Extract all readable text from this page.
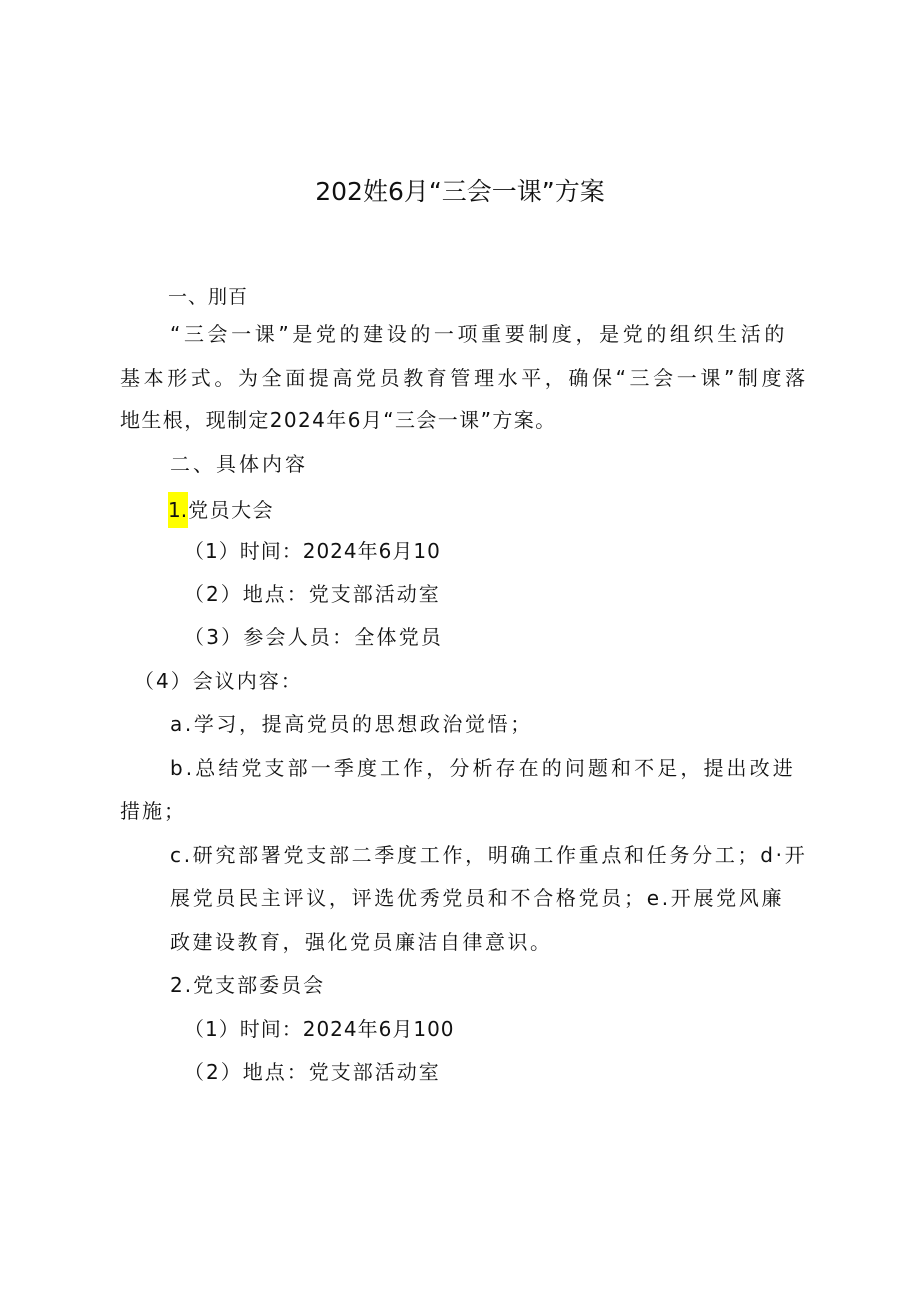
202姓6月“三会一课”方案
一、刖百
“三会一课”是党的建设的一项重要制度，是党的组织生活的
基本形式。为全面提高党员教育管理水平，确保“三会一课”制度落
地生根，现制定2024年6月“三会一课”方案。
二、具体内容
1.党员大会
（1）时间：2024年6月10
（2）地点：党支部活动室
（3）参会人员：全体党员
（4）会议内容：
a.学习，提高党员的思想政治觉悟；
b.总结党支部一季度工作，分析存在的问题和不足，提出改进
措施；
c.研究部署党支部二季度工作，明确工作重点和任务分工；d·开
展党员民主评议，评选优秀党员和不合格党员；e.开展党风廉
政建设教育，强化党员廉洁自律意识。
2.党支部委员会
（1）时间：2024年6月100
（2）地点：党支部活动室
